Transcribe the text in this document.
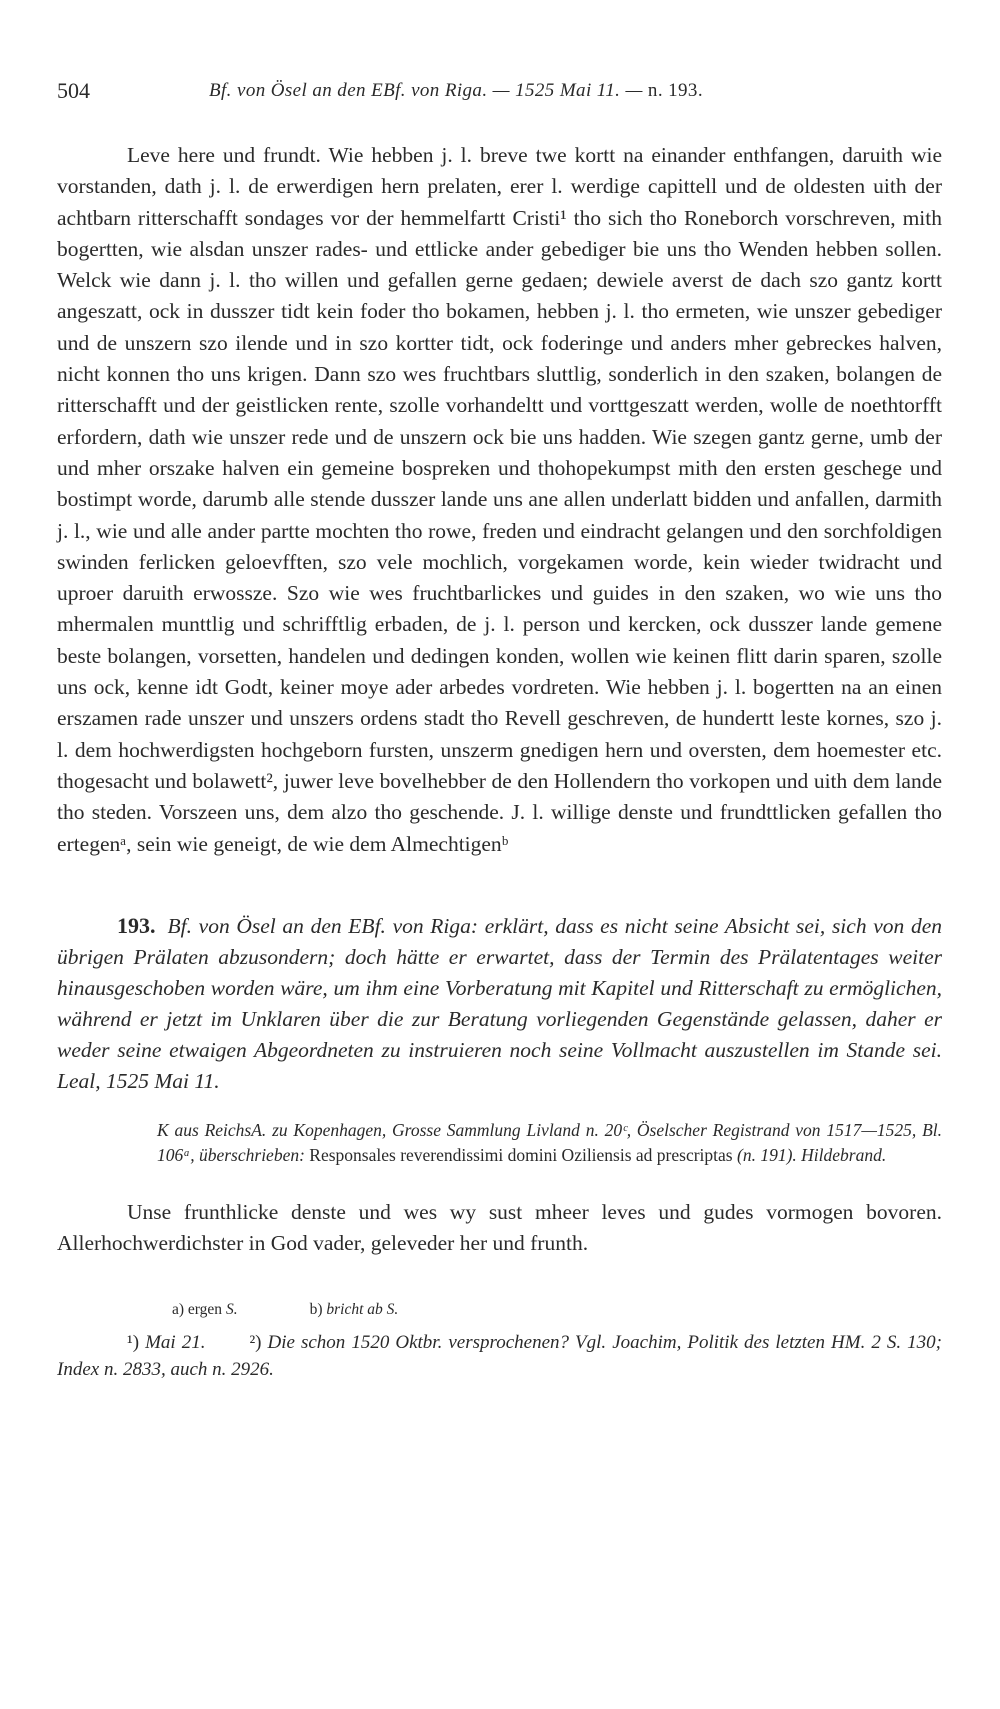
504	Bf. von Ösel an den EBf. von Riga. — 1525 Mai 11. — n. 193.

Leve here und frundt. Wie hebben j. l. breve twe kortt na einander enthfangen, daruith wie vorstanden, dath j. l. de erwerdigen hern prelaten, erer l. werdige capittell und de oldesten uith der achtbarn ritterschafft sondages vor der hemmelfartt Cristi¹ tho sich tho Roneborch vorschreven, mith bogertten, wie alsdan unszer rades- und ettlicke ander gebediger bie uns tho Wenden hebben sollen. Welck wie dann j. l. tho willen und gefallen gerne gedaen; dewiele averst de dach szo gantz kortt angeszatt, ock in dusszer tidt kein foder tho bokamen, hebben j. l. tho ermeten, wie unszer gebediger und de unszern szo ilende und in szo kortter tidt, ock foderinge und anders mher gebreckes halven, nicht konnen tho uns krigen. Dann szo wes fruchtbars sluttlig, sonderlich in den szaken, bolangen de ritterschafft und der geistlicken rente, szolle vorhandeltt und vorttgeszatt werden, wolle de noethtorfft erfordern, dath wie unszer rede und de unszern ock bie uns hadden. Wie szegen gantz gerne, umb der und mher orszake halven ein gemeine bospreken und thohopekumpst mith den ersten geschege und bostimpt worde, darumb alle stende dusszer lande uns ane allen underlatt bidden und anfallen, darmith j. l., wie und alle ander partte mochten tho rowe, freden und eindracht gelangen und den sorchfoldigen swinden ferlicken geloevfften, szo vele mochlich, vorgekamen worde, kein wieder twidracht und uproer daruith erwossze. Szo wie wes fruchtbarlickes und guides in den szaken, wo wie uns tho mhermalen munttlig und schrifftlig erbaden, de j. l. person und kercken, ock dusszer lande gemene beste bolangen, vorsetten, handelen und dedingen konden, wollen wie keinen flitt darin sparen, szolle uns ock, kenne idt Godt, keiner moye ader arbedes vordreten. Wie hebben j. l. bogertten na an einen erszamen rade unszer und unszers ordens stadt tho Revell geschreven, de hundertt leste kornes, szo j. l. dem hochwerdigsten hochgeborn fursten, unszerm gnedigen hern und oversten, dem hoemester etc. thogesacht und bolawett², juwer leve bovelhebber de den Hollendern tho vorkopen und uith dem lande tho steden. Vorszeen uns, dem alzo tho geschende. J. l. willige denste und frundttlicken gefallen tho ertegenᵃ, sein wie geneigt, de wie dem Almechtigenᵇ

193. Bf. von Ösel an den EBf. von Riga: erklärt, dass es nicht seine Absicht sei, sich von den übrigen Prälaten abzusondern; doch hätte er erwartet, dass der Termin des Prälatentages weiter hinausgeschoben worden wäre, um ihm eine Vorberatung mit Kapitel und Ritterschaft zu ermöglichen, während er jetzt im Unklaren über die zur Beratung vorliegenden Gegenstände gelassen, daher er weder seine etwaigen Abgeordneten zu instruieren noch seine Vollmacht auszustellen im Stande sei. Leal, 1525 Mai 11.

K aus ReichsA. zu Kopenhagen, Grosse Sammlung Livland n. 20ᶜ, Öselscher Registrand von 1517—1525, Bl. 106ᵃ, überschrieben: Responsales reverendissimi domini Oziliensis ad prescriptas (n. 191). Hildebrand.

Unse frunthlicke denste und wes wy sust mheer leves und gudes vormogen bovoren. Allerhochwerdichster in God vader, geleveder her und frunth.

a) ergen S.	b) bricht ab S.

¹) Mai 21. ²) Die schon 1520 Oktbr. versprochenen? Vgl. Joachim, Politik des letzten HM. 2 S. 130; Index n. 2833, auch n. 2926.
